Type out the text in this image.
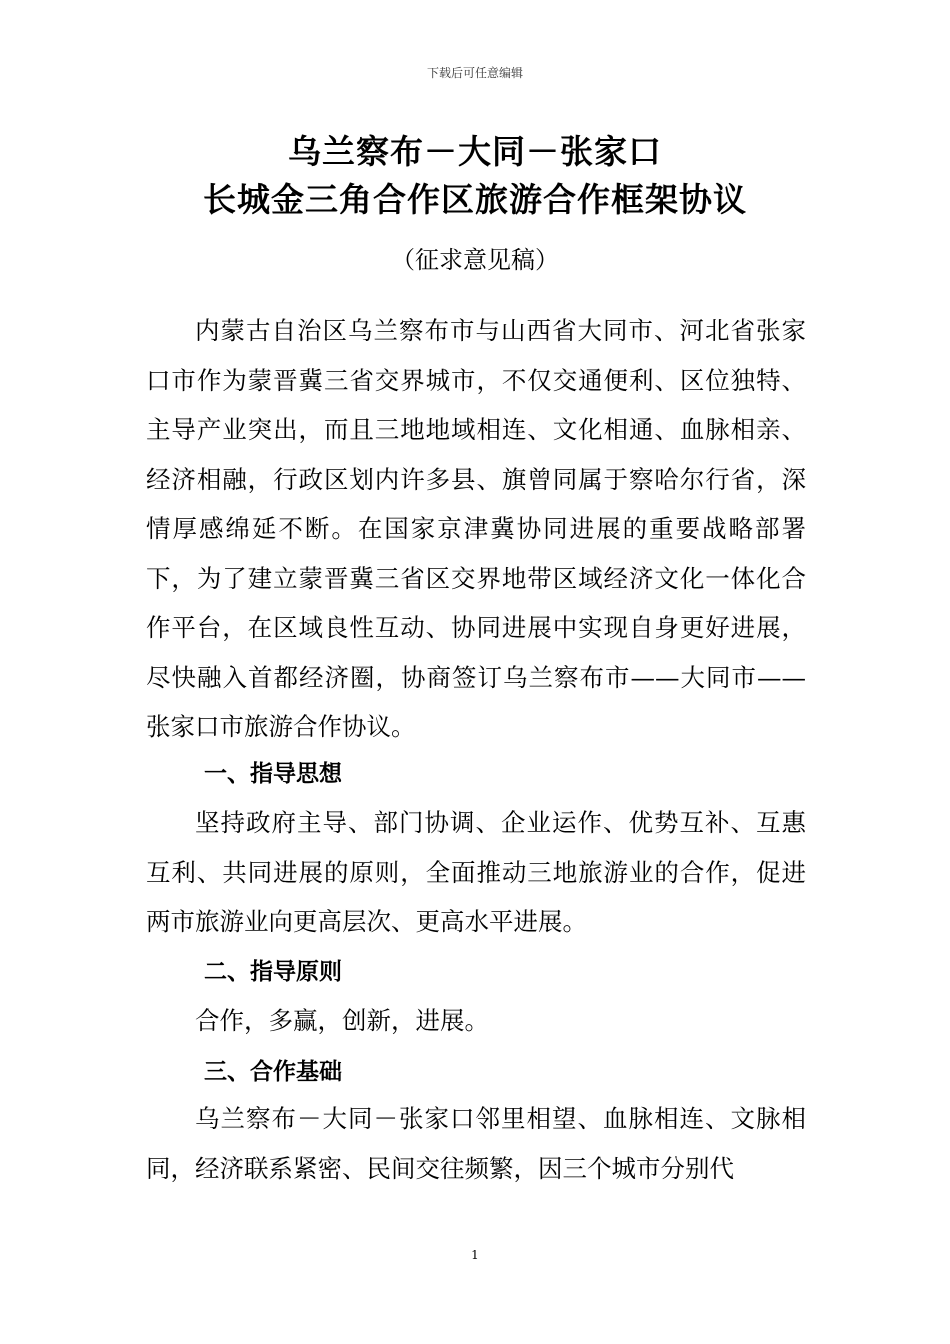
下载后可任意编辑
乌兰察布－大同－张家口
长城金三角合作区旅游合作框架协议
（征求意见稿）

内蒙古自治区乌兰察布市与山西省大同市、河北省张家口市作为蒙晋冀三省交界城市，不仅交通便利、区位独特、主导产业突出，而且三地地域相连、文化相通、血脉相亲、经济相融，行政区划内许多县、旗曾同属于察哈尔行省，深情厚感绵延不断。在国家京津冀协同进展的重要战略部署下，为了建立蒙晋冀三省区交界地带区域经济文化一体化合作平台，在区域良性互动、协同进展中实现自身更好进展，尽快融入首都经济圈，协商签订乌兰察布市——大同市——张家口市旅游合作协议。

一、指导思想

坚持政府主导、部门协调、企业运作、优势互补、互惠互利、共同进展的原则，全面推动三地旅游业的合作，促进两市旅游业向更高层次、更高水平进展。

二、指导原则

合作，多赢，创新，进展。

三、合作基础

乌兰察布－大同－张家口邻里相望、血脉相连、文脉相同，经济联系紧密、民间交往频繁，因三个城市分别代

1
